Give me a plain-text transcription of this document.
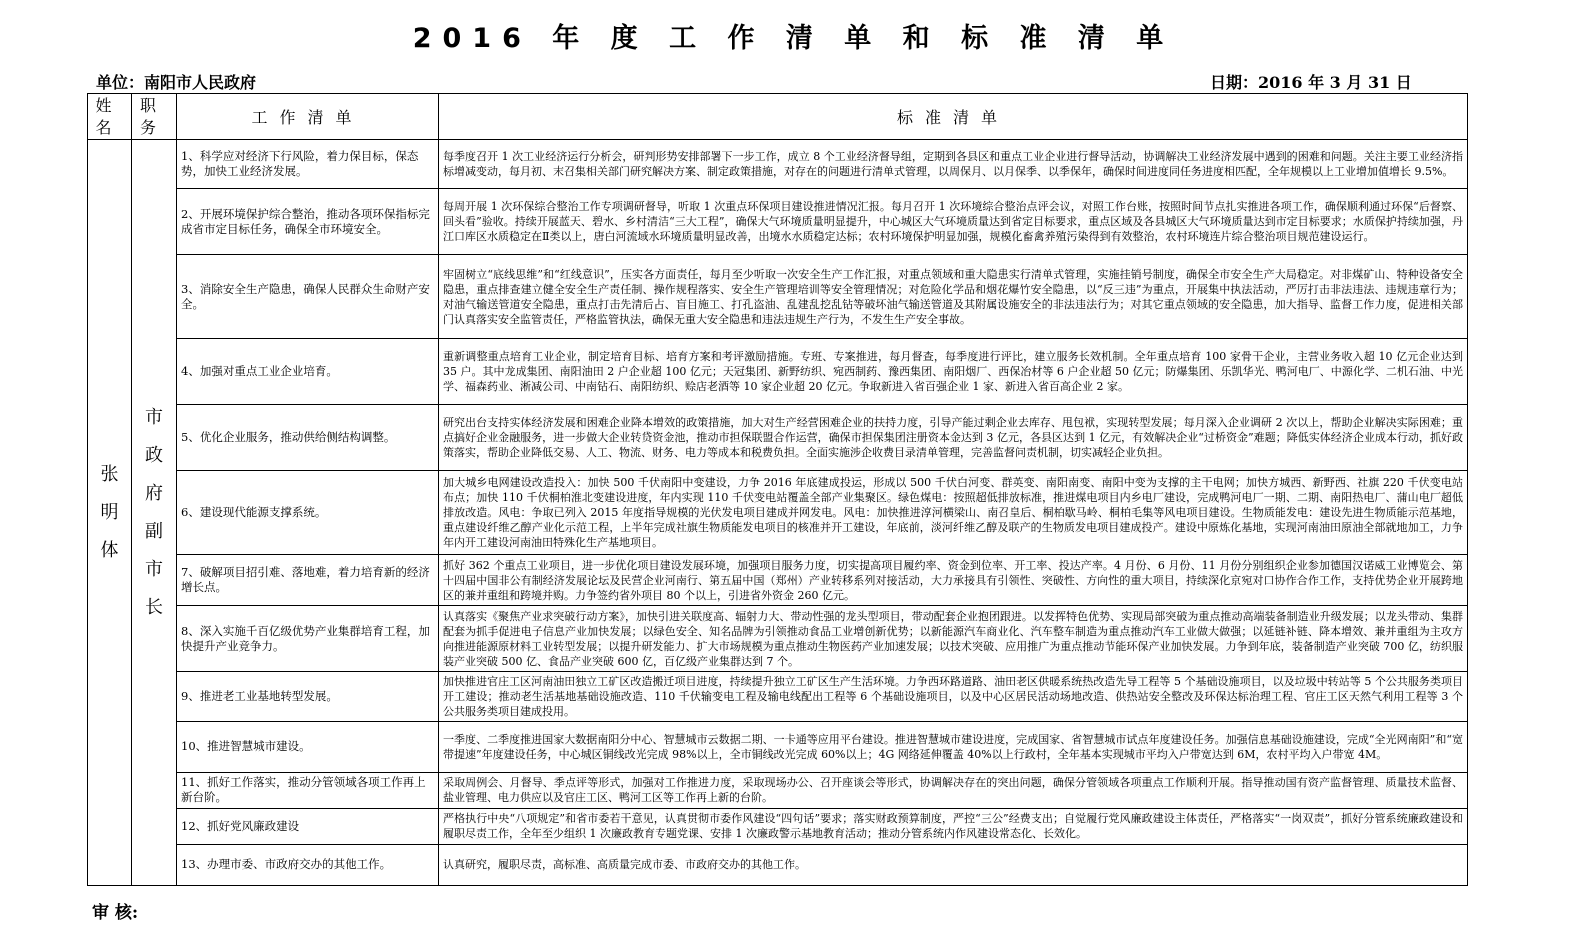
2016 年 度 工 作 清 单 和 标 准 清 单
单位：南阳市人民政府	日期：2016 年 3 月 31 日
姓名	职务	工作清单	标准清单

张明体	市政府副市长	1、科学应对经济下行风险，着力保目标，保态势，加快工业经济发展。	每季度召开 1 次工业经济运行分析会，研判形势安排部署下一步工作，成立 8 个工业经济督导组，定期到各县区和重点工业企业进行督导活动，协调解决工业经济发展中遇到的困难和问题。关注主要工业经济指标增减变动，每月初、末召集相关部门研究解决方案、制定政策措施，对存在的问题进行清单式管理，以周保月、以月保季、以季保年，确保时间进度同任务进度相匹配，全年规模以上工业增加值增长 9.5%。
		2、开展环境保护综合整治，推动各项环保指标完成省市定目标任务，确保全市环境安全。	每周开展 1 次环保综合整治工作专项调研督导，听取 1 次重点环保项目建设推进情况汇报。每月召开 1 次环境综合整治点评会议，对照工作台账，按照时间节点扎实推进各项工作，确保顺利通过环保“后督察、回头看”验收。持续开展蓝天、碧水、乡村清洁“三大工程”，确保大气环境质量明显提升，中心城区大气环境质量达到省定目标要求，重点区域及各县城区大气环境质量达到市定目标要求；水质保护持续加强，丹江口库区水质稳定在Ⅱ类以上，唐白河流域水环境质量明显改善，出境水水质稳定达标；农村环境保护明显加强，规模化畜禽养殖污染得到有效整治，农村环境连片综合整治项目规范建设运行。
		3、消除安全生产隐患，确保人民群众生命财产安全。	牢固树立“底线思维”和“红线意识”，压实各方面责任，每月至少听取一次安全生产工作汇报，对重点领域和重大隐患实行清单式管理，实施挂销号制度，确保全市安全生产大局稳定。对非煤矿山、特种设备安全隐患，重点排查建立健全安全生产责任制、操作规程落实、安全生产管理培训等安全管理情况；对危险化学品和烟花爆竹安全隐患，以“反三违”为重点，开展集中执法活动，严厉打击非法违法、违规违章行为；对油气输送管道安全隐患，重点打击先清后占、盲目施工、打孔盗油、乱建乱挖乱钻等破坏油气输送管道及其附属设施安全的非法违法行为；对其它重点领域的安全隐患，加大指导、监督工作力度，促进相关部门认真落实安全监管责任，严格监管执法，确保无重大安全隐患和违法违规生产行为，不发生生产安全事故。
		4、加强对重点工业企业培育。	重新调整重点培育工业企业，制定培育目标、培育方案和考评激励措施。专班、专案推进，每月督查，每季度进行评比，建立服务长效机制。全年重点培育 100 家骨干企业，主营业务收入超 10 亿元企业达到 35 户。其中龙成集团、南阳油田 2 户企业超 100 亿元；天冠集团、新野纺织、宛西制药、豫西集团、南阳烟厂、西保冶材等 6 户企业超 50 亿元；防爆集团、乐凯华光、鸭河电厂、中源化学、二机石油、中光学、福森药业、淅减公司、中南钻石、南阳纺织、赊店老酒等 10 家企业超 20 亿元。争取新进入省百强企业 1 家、新进入省百高企业 2 家。
		5、优化企业服务，推动供给侧结构调整。	研究出台支持实体经济发展和困难企业降本增效的政策措施，加大对生产经营困难企业的扶持力度，引导产能过剩企业去库存、甩包袱，实现转型发展；每月深入企业调研 2 次以上，帮助企业解决实际困难；重点搞好企业金融服务，进一步做大企业转贷资金池，推动市担保联盟合作运营，确保市担保集团注册资本金达到 3 亿元，各县区达到 1 亿元，有效解决企业“过桥资金”难题；降低实体经济企业成本行动，抓好政策落实，帮助企业降低交易、人工、物流、财务、电力等成本和税费负担。全面实施涉企收费目录清单管理，完善监督问责机制，切实减轻企业负担。
		6、建设现代能源支撑系统。	加大城乡电网建设改造投入：加快 500 千伏南阳中变建设，力争 2016 年底建成投运，形成以 500 千伏白河变、群英变、南阳南变、南阳中变为支撑的主干电网；加快方城西、新野西、社旗 220 千伏变电站布点；加快 110 千伏桐柏淮北变建设进度，年内实现 110 千伏变电站覆盖全部产业集聚区。绿色煤电：按照超低排放标准，推进煤电项目内乡电厂建设，完成鸭河电厂一期、二期、南阳热电厂、蒲山电厂超低排放改造。风电：争取已列入 2015 年度指导规模的光伏发电项目建成并网发电。风电：加快推进淳河横梁山、南召皇后、桐柏歇马岭、桐柏毛集等风电项目建设。生物质能发电：建设先进生物质能示范基地，重点建设纤维乙醇产业化示范工程，上半年完成社旗生物质能发电项目的核准并开工建设，年底前，淡河纤维乙醇及联产的生物质发电项目建成投产。建设中原炼化基地，实现河南油田原油全部就地加工，力争年内开工建设河南油田特殊化生产基地项目。
		7、破解项目招引难、落地难，着力培育新的经济增长点。	抓好 362 个重点工业项目，进一步优化项目建设发展环境，加强项目服务力度，切实提高项目履约率、资金到位率、开工率、投达产率。4 月份、6 月份、11 月份分别组织企业参加德国汉诺威工业博览会、第十四届中国非公有制经济发展论坛及民营企业河南行、第五届中国（郑州）产业转移系列对接活动，大力承接具有引领性、突破性、方向性的重大项目，持续深化京宛对口协作合作工作，支持优势企业开展跨地区的兼并重组和跨境并购。力争签约省外项目 80 个以上，引进省外资金 260 亿元。
		8、深入实施千百亿级优势产业集群培育工程，加快提升产业竞争力。	认真落实《聚焦产业求突破行动方案》，加快引进关联度高、辐射力大、带动性强的龙头型项目，带动配套企业抱团跟进。以发挥特色优势、实现局部突破为重点推动高端装备制造业升级发展；以龙头带动、集群配套为抓手促进电子信息产业加快发展；以绿色安全、知名品牌为引领推动食品工业增创新优势；以新能源汽车商业化、汽车整车制造为重点推动汽车工业做大做强；以延链补链、降本增效、兼并重组为主攻方向推进能源原材料工业转型发展；以提升研发能力、扩大市场规模为重点推动生物医药产业加速发展；以技术突破、应用推广为重点推动节能环保产业加快发展。力争到年底，装备制造产业突破 700 亿，纺织服装产业突破 500 亿、食品产业突破 600 亿，百亿级产业集群达到 7 个。
		9、推进老工业基地转型发展。	加快推进官庄工区河南油田独立工矿区改造搬迁项目进度，持续提升独立工矿区生产生活环境。力争西环路道路、油田老区供暖系统热改造先导工程等 5 个基础设施项目，以及垃圾中转站等 5 个公共服务类项目开工建设；推动老生活基地基础设施改造、110 千伏输变电工程及输电线配出工程等 6 个基础设施项目，以及中心区居民活动场地改造、供热站安全整改及环保达标治理工程、官庄工区天然气利用工程等 3 个公共服务类项目建成投用。
		10、推进智慧城市建设。	一季度、二季度推进国家大数据南阳分中心、智慧城市云数据二期、一卡通等应用平台建设。推进智慧城市建设进度，完成国家、省智慧城市试点年度建设任务。加强信息基础设施建设，完成“全光网南阳”和“宽带提速”年度建设任务，中心城区铜线改光完成 98%以上，全市铜线改光完成 60%以上；4G 网络延伸覆盖 40%以上行政村，全年基本实现城市平均入户带宽达到 6M，农村平均入户带宽 4M。
		11、抓好工作落实，推动分管领域各项工作再上新台阶。	采取周例会、月督导、季点评等形式，加强对工作推进力度，采取现场办公、召开座谈会等形式，协调解决存在的突出问题，确保分管领域各项重点工作顺利开展。指导推动国有资产监督管理、质量技术监督、盐业管理、电力供应以及官庄工区、鸭河工区等工作再上新的台阶。
		12、抓好党风廉政建设	严格执行中央“八项规定”和省市委若干意见，认真贯彻市委作风建设“四句话”要求；落实财政预算制度，严控“三公”经费支出；自觉履行党风廉政建设主体责任，严格落实“一岗双责”，抓好分管系统廉政建设和履职尽责工作，全年至少组织 1 次廉政教育专题党课、安排 1 次廉政警示基地教育活动；推动分管系统内作风建设常态化、长效化。
		13、办理市委、市政府交办的其他工作。	认真研究，履职尽责，高标准、高质量完成市委、市政府交办的其他工作。
审 核:
